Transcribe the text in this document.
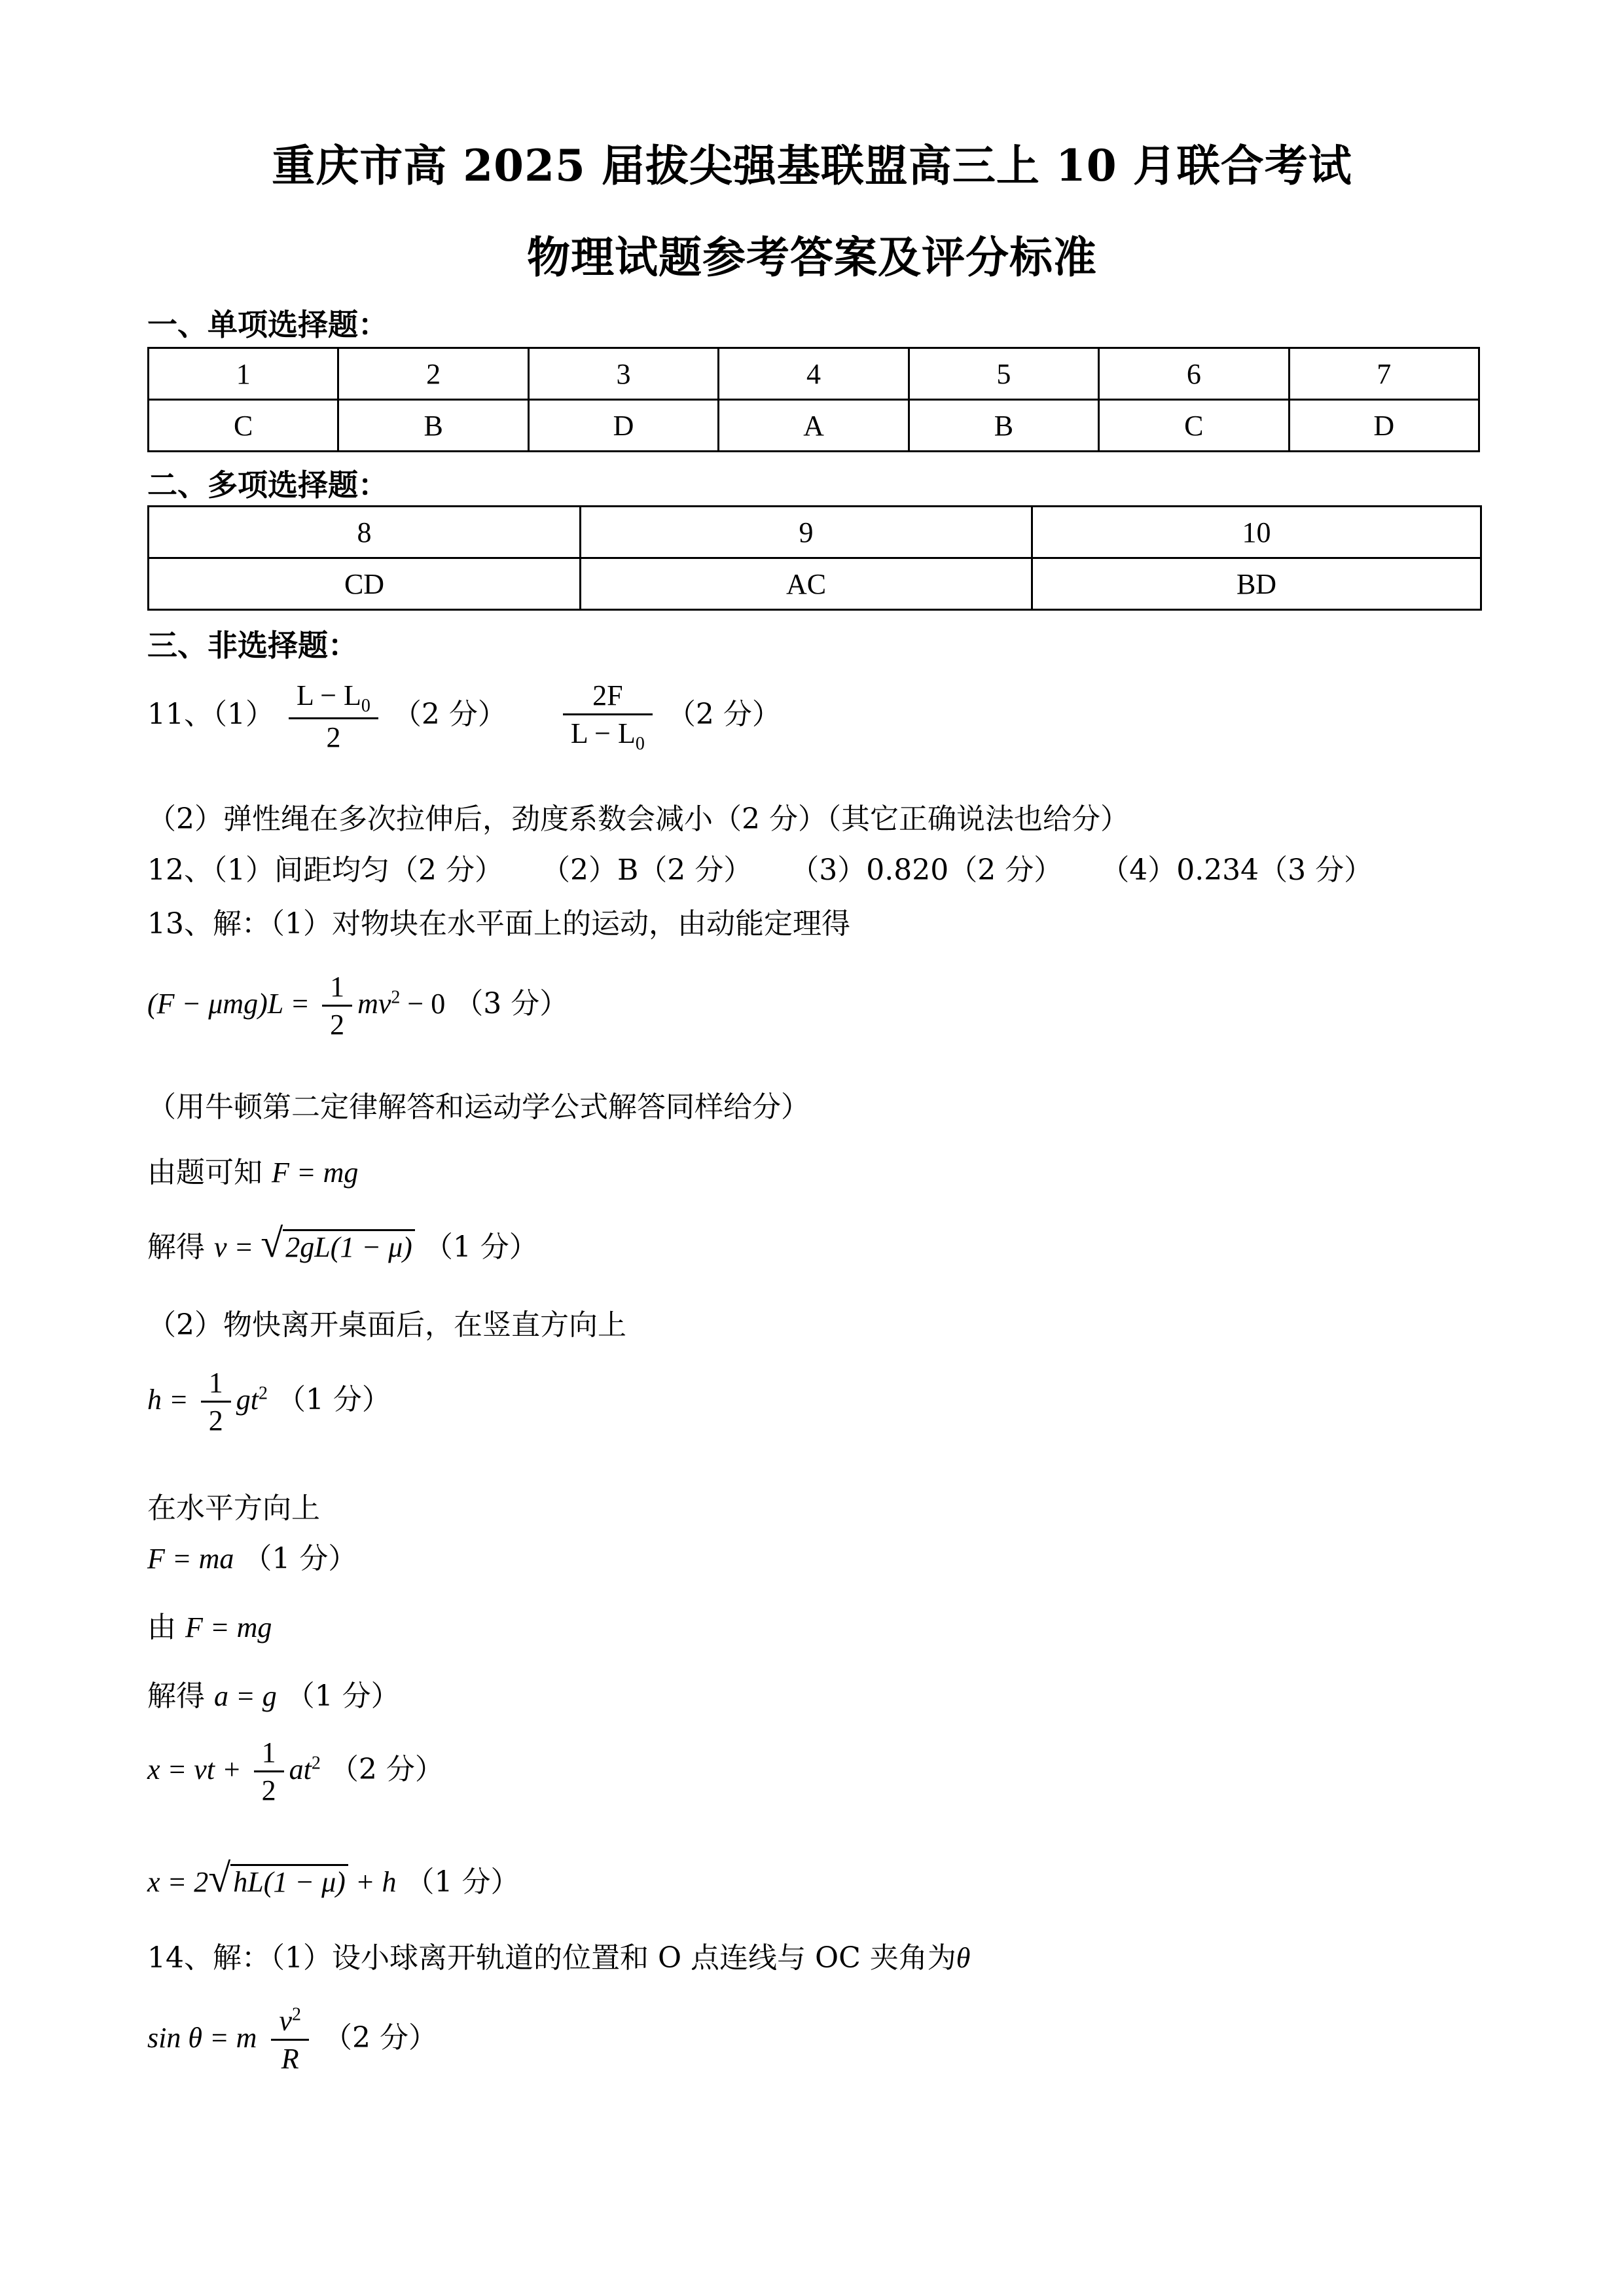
重庆市高 2025 届拔尖强基联盟高三上 10 月联合考试
物理试题参考答案及评分标准
一、单项选择题：
1	2	3	4	5	6	7
C	B	D	A	B	C	D
二、多项选择题：
8	9	10
CD	AC	BD
三、非选择题：
11、$(1) \frac{L - L_0}{2} (2$ 分） $\frac{2F}{L - L_0} (2$ 分）
（2）弹性绳在多次拉伸后，劲度系数会减小（2 分）（其它正确说法也给分）
12、（1）间距均匀（2 分） （2）B（2 分） （3）0.820（2 分） （4）0.234（3 分）
13、解：（1）对物块在水平面上的运动，由动能定理得
$(F - \mu mg)L = \frac{1}{2} mv^2 - 0$ （3 分）
（用牛顿第二定律解答和运动学公式解答同样给分）
由题可知 F = mg
解得 v = √2gL(1 − μ) （1 分）
（2）物快离开桌面后，在竖直方向上
$h = \frac{1}{2} gt^2$ （1 分）
在水平方向上
F = ma （1 分）
由 F = mg
解得 a = g （1 分）
x = vt + $\frac{1}{2} at^2$ （2 分）
x = 2√hL(1 − μ) + h （1 分）
14、解：（1）设小球离开轨道的位置和 O 点连线与 OC 夹角为θ
sin θ = m $\frac{v^2}{R} (2$ 分）
